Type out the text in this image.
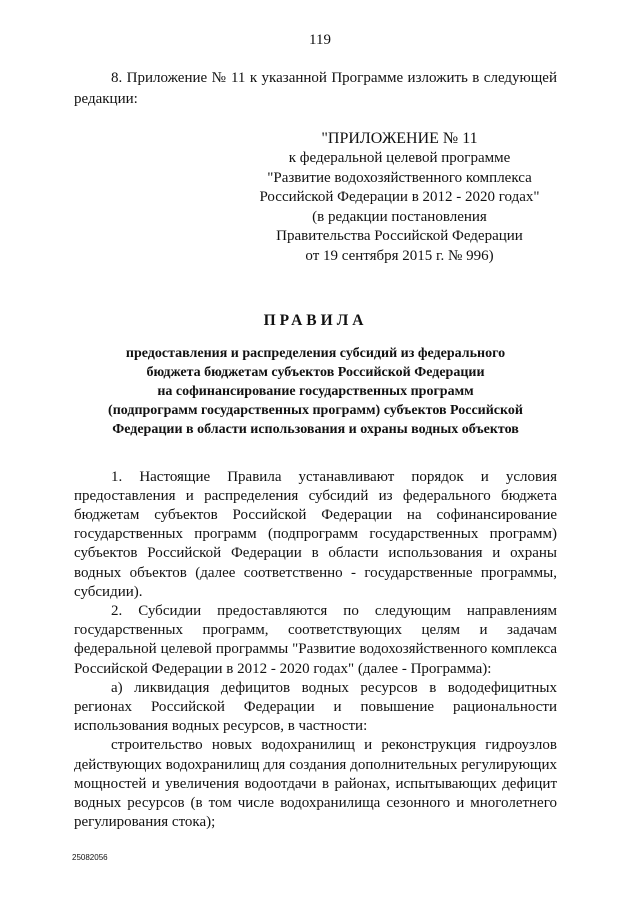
119

8. Приложение № 11 к указанной Программе изложить в следующей редакции:

"ПРИЛОЖЕНИЕ № 11
к федеральной целевой программе
"Развитие водохозяйственного комплекса
Российской Федерации в 2012 - 2020 годах"
(в редакции постановления
Правительства Российской Федерации
от 19 сентября 2015 г. № 996)
ПРАВИЛА
предоставления и распределения субсидий из федерального
бюджета бюджетам субъектов Российской Федерации
на софинансирование государственных программ
(подпрограмм государственных программ) субъектов Российской
Федерации в области использования и охраны водных объектов

1. Настоящие Правила устанавливают порядок и условия предоставления и распределения субсидий из федерального бюджета бюджетам субъектов Российской Федерации на софинансирование государственных программ (подпрограмм государственных программ) субъектов Российской Федерации в области использования и охраны водных объектов (далее соответственно - государственные программы, субсидии).

2. Субсидии предоставляются по следующим направлениям государственных программ, соответствующих целям и задачам федеральной целевой программы "Развитие водохозяйственного комплекса Российской Федерации в 2012 - 2020 годах" (далее - Программа):

а) ликвидация дефицитов водных ресурсов в вододефицитных регионах Российской Федерации и повышение рациональности использования водных ресурсов, в частности:

строительство новых водохранилищ и реконструкция гидроузлов действующих водохранилищ для создания дополнительных регулирующих мощностей и увеличения водоотдачи в районах, испытывающих дефицит водных ресурсов (в том числе водохранилища сезонного и многолетнего регулирования стока);

25082056
